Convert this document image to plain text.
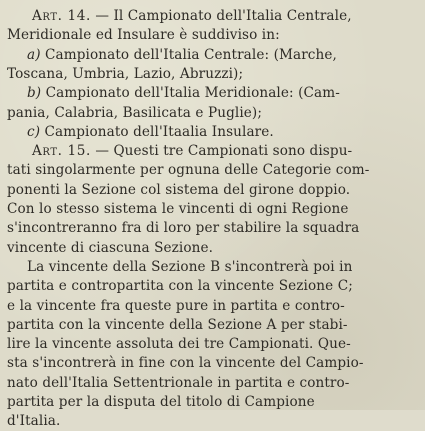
Art. 14. — Il Campionato dell'Italia Centrale,
Meridionale ed Insulare è suddiviso in:
a) Campionato dell'Italia Centrale: (Marche,
Toscana, Umbria, Lazio, Abruzzi);
b) Campionato dell'Italia Meridionale: (Cam-
pania, Calabria, Basilicata e Puglie);
c) Campionato dell'Itaalia Insulare.
Art. 15. — Questi tre Campionati sono dispu-
tati singolarmente per ognuna delle Categorie com-
ponenti la Sezione col sistema del girone doppio.
Con lo stesso sistema le vincenti di ogni Regione
s'incontreranno fra di loro per stabilire la squadra
vincente di ciascuna Sezione.
La vincente della Sezione B s'incontrerà poi in
partita e contropartita con la vincente Sezione C;
e la vincente fra queste pure in partita e contro-
partita con la vincente della Sezione A per stabi-
lire la vincente assoluta dei tre Campionati. Que-
sta s'incontrerà in fine con la vincente del Campio-
nato dell'Italia Settentrionale in partita e contro-
partita per la disputa del titolo di Campione
d'Italia.
